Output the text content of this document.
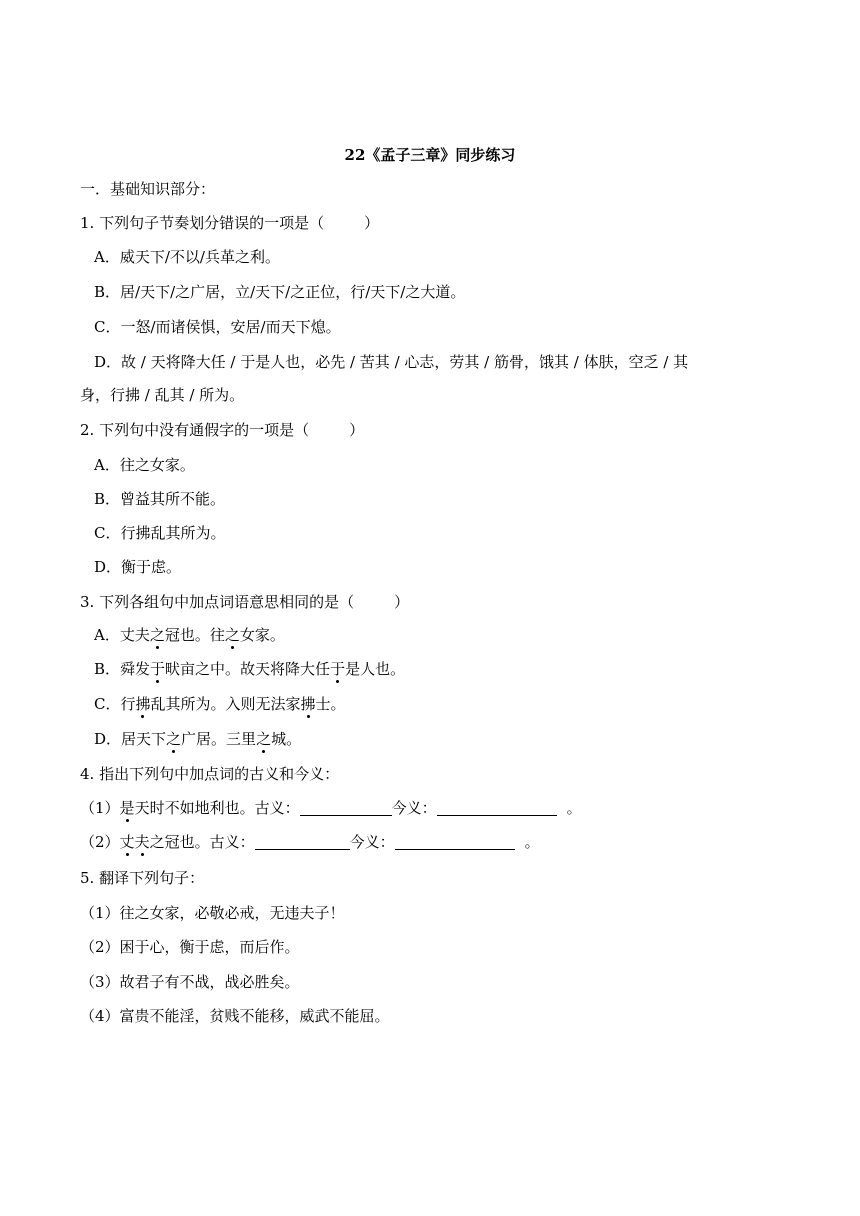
22《孟子三章》同步练习
一．基础知识部分：
1. 下列句子节奏划分错误的一项是（	）
A．威天下/不以/兵革之利。
B．居/天下/之广居，立/天下/之正位，行/天下/之大道。
C．一怒/而诸侯惧，安居/而天下熄。
D．故 / 天将降大任 / 于是人也，必先 / 苦其 / 心志，劳其 / 筋骨，饿其 / 体肤，空乏 / 其
身，行拂 / 乱其 / 所为。
2. 下列句中没有通假字的一项是（	）
A．往之女家。
B．曾益其所不能。
C．行拂乱其所为。
D．衡于虑。
3. 下列各组句中加点词语意思相同的是（	）
A．丈夫之冠也。往之女家。
B．舜发于畎亩之中。故天将降大任于是人也。
C．行拂乱其所为。入则无法家拂士。
D．居天下之广居。三里之城。
4. 指出下列句中加点词的古义和今义：
（1）是天时不如地利也。古义：	今义：	。
（2）丈夫之冠也。古义：	今义：	。
5. 翻译下列句子：
（1）往之女家，必敬必戒，无违夫子！
（2）困于心，衡于虑，而后作。
（3）故君子有不战，战必胜矣。
（4）富贵不能淫，贫贱不能移，威武不能屈。
